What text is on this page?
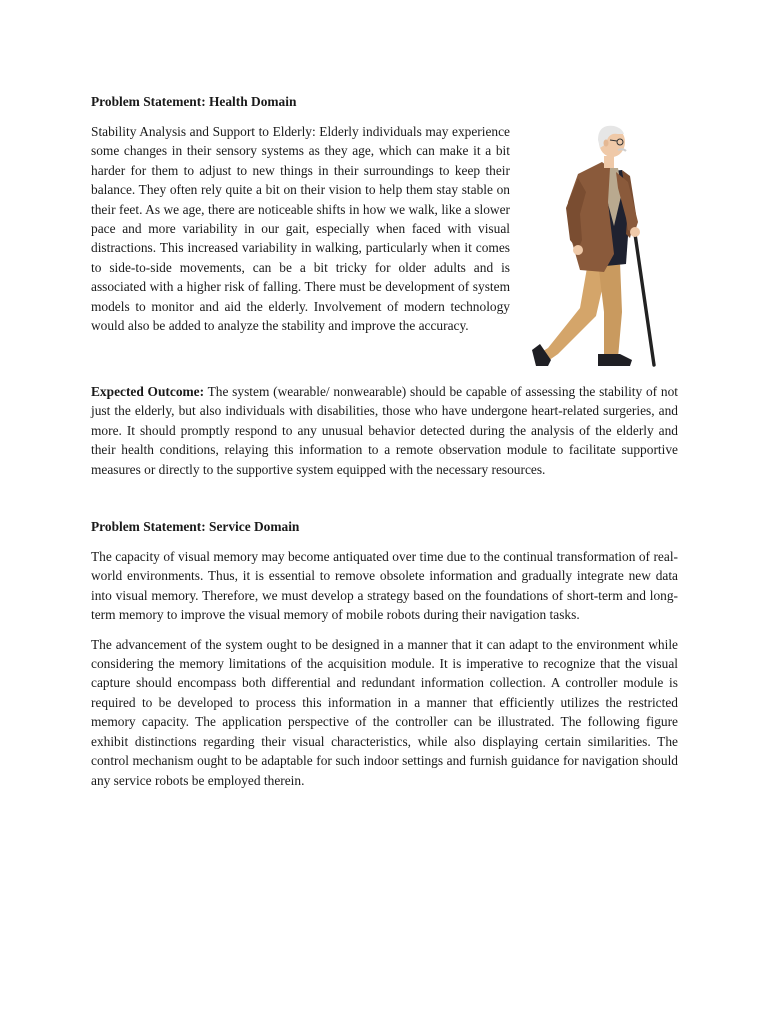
Problem Statement: Health Domain

Stability Analysis and Support to Elderly: Elderly individuals may experience some changes in their sensory systems as they age, which can make it a bit harder for them to adjust to new things in their surroundings to keep their balance. They often rely quite a bit on their vision to help them stay stable on their feet. As we age, there are noticeable shifts in how we walk, like a slower pace and more variability in our gait, especially when faced with visual distractions. This increased variability in walking, particularly when it comes to side-to-side movements, can be a bit tricky for older adults and is associated with a higher risk of falling. There must be development of system models to monitor and aid the elderly. Involvement of modern technology would also be added to analyze the stability and improve the accuracy.

Expected Outcome: The system (wearable/ nonwearable) should be capable of assessing the stability of not just the elderly, but also individuals with disabilities, those who have undergone heart-related surgeries, and more. It should promptly respond to any unusual behavior detected during the analysis of the elderly and their health conditions, relaying this information to a remote observation module to facilitate supportive measures or directly to the supportive system equipped with the necessary resources.

Problem Statement: Service Domain

The capacity of visual memory may become antiquated over time due to the continual transformation of real-world environments. Thus, it is essential to remove obsolete information and gradually integrate new data into visual memory. Therefore, we must develop a strategy based on the foundations of short-term and long-term memory to improve the visual memory of mobile robots during their navigation tasks.

The advancement of the system ought to be designed in a manner that it can adapt to the environment while considering the memory limitations of the acquisition module. It is imperative to recognize that the visual capture should encompass both differential and redundant information collection. A controller module is required to be developed to process this information in a manner that efficiently utilizes the restricted memory capacity. The application perspective of the controller can be illustrated. The following figure exhibit distinctions regarding their visual characteristics, while also displaying certain similarities. The control mechanism ought to be adaptable for such indoor settings and furnish guidance for navigation should any service robots be employed therein.
